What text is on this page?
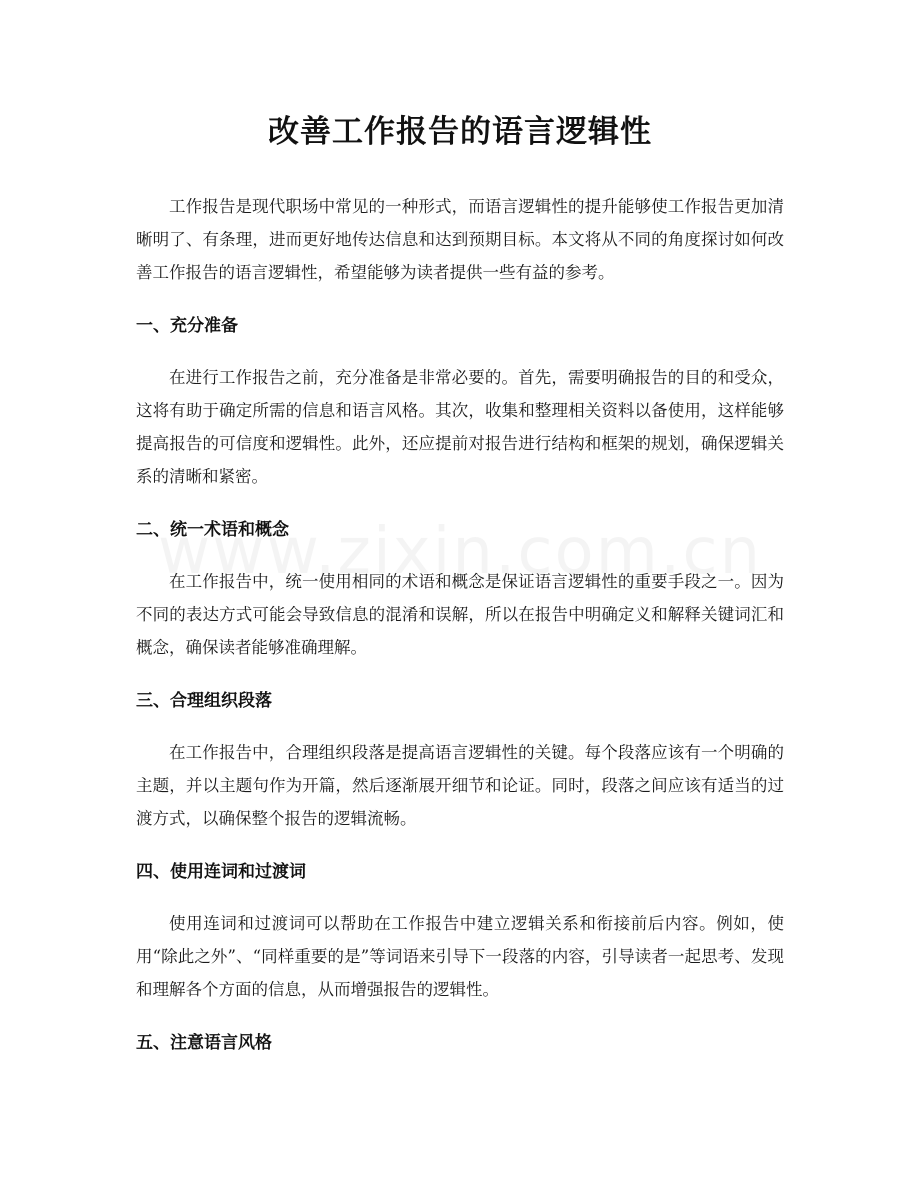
改善工作报告的语言逻辑性

工作报告是现代职场中常见的一种形式，而语言逻辑性的提升能够使工作报告更加清晰明了、有条理，进而更好地传达信息和达到预期目标。本文将从不同的角度探讨如何改善工作报告的语言逻辑性，希望能够为读者提供一些有益的参考。

一、充分准备

在进行工作报告之前，充分准备是非常必要的。首先，需要明确报告的目的和受众，这将有助于确定所需的信息和语言风格。其次，收集和整理相关资料以备使用，这样能够提高报告的可信度和逻辑性。此外，还应提前对报告进行结构和框架的规划，确保逻辑关系的清晰和紧密。

二、统一术语和概念

在工作报告中，统一使用相同的术语和概念是保证语言逻辑性的重要手段之一。因为不同的表达方式可能会导致信息的混淆和误解，所以在报告中明确定义和解释关键词汇和概念，确保读者能够准确理解。

三、合理组织段落

在工作报告中，合理组织段落是提高语言逻辑性的关键。每个段落应该有一个明确的主题，并以主题句作为开篇，然后逐渐展开细节和论证。同时，段落之间应该有适当的过渡方式，以确保整个报告的逻辑流畅。

四、使用连词和过渡词

使用连词和过渡词可以帮助在工作报告中建立逻辑关系和衔接前后内容。例如，使用“除此之外”、“同样重要的是”等词语来引导下一段落的内容，引导读者一起思考、发现和理解各个方面的信息，从而增强报告的逻辑性。

五、注意语言风格
